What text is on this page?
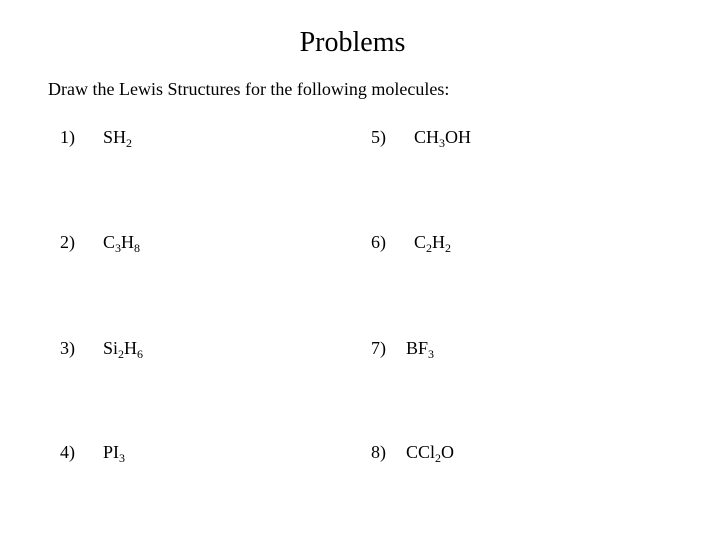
Problems
Draw the Lewis Structures for the following molecules:
1) $SH_2$
2) $C_3H_8$
3) $Si_2H_6$
4) $PI_3$
5) $CH_3OH$
6) $C_2H_2$
7) $BF_3$
8) CCl$_2$O
